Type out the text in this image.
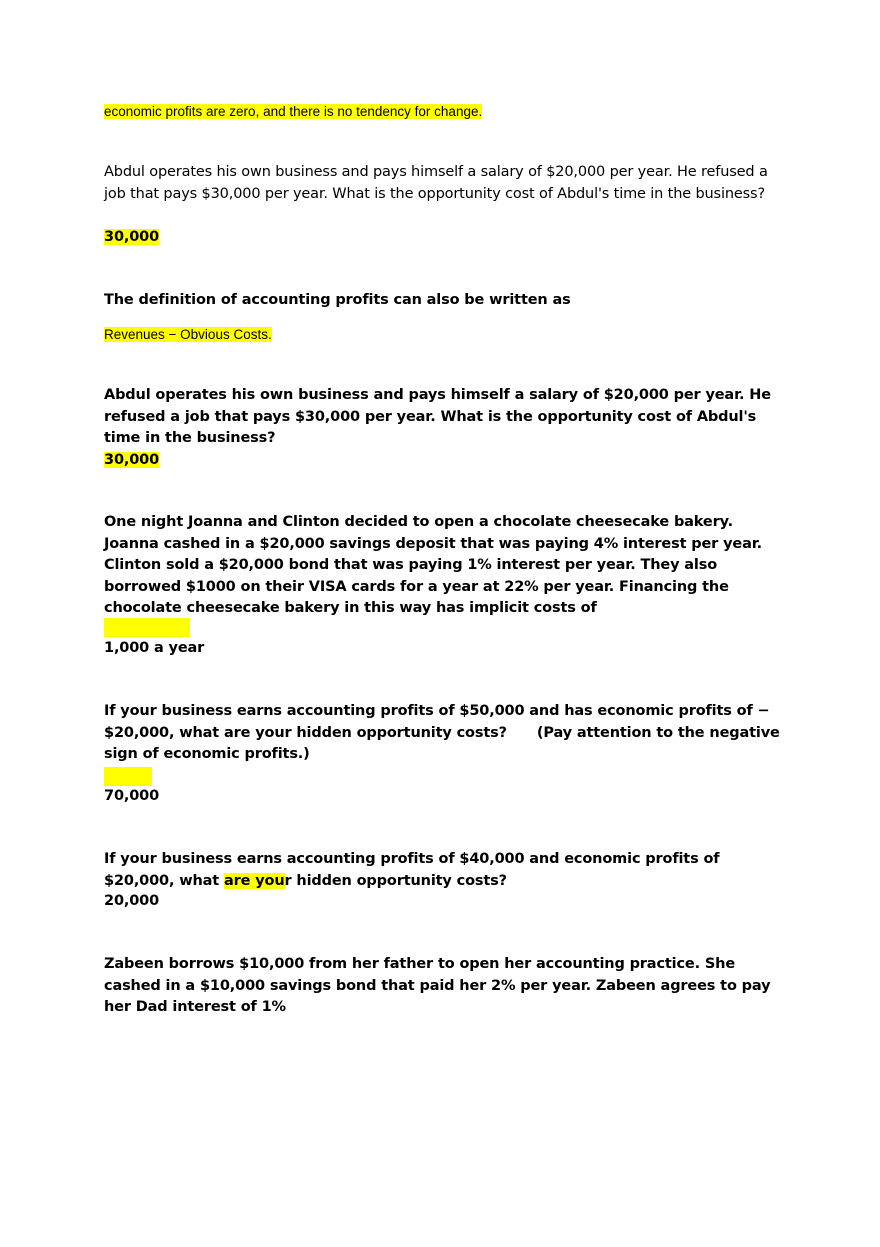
economic profits are zero, and there is no tendency for change.

Abdul operates his own business and pays himself a salary of $20,000 per year. He refused a job that pays $30,000 per year. What is the opportunity cost of Abdul's time in the business?

30,000

The definition of accounting profits can also be written as

Revenues − Obvious Costs.

Abdul operates his own business and pays himself a salary of $20,000 per year. He refused a job that pays $30,000 per year. What is the opportunity cost of Abdul's time in the business?

30,000

One night Joanna and Clinton decided to open a chocolate cheesecake bakery. Joanna cashed in a $20,000 savings deposit that was paying 4% interest per year. Clinton sold a $20,000 bond that was paying 1% interest per year. They also borrowed $1000 on their VISA cards for a year at 22% per year. Financing the chocolate cheesecake bakery in this way has implicit costs of

1,000 a year

If your business earns accounting profits of $50,000 and has economic profits of −$20,000, what are your hidden opportunity costs? (Pay attention to the negative sign of economic profits.)

70,000

If your business earns accounting profits of $40,000 and economic profits of $20,000, what are your hidden opportunity costs?

20,000

Zabeen borrows $10,000 from her father to open her accounting practice. She cashed in a $10,000 savings bond that paid her 2% per year. Zabeen agrees to pay her Dad interest of 1%
